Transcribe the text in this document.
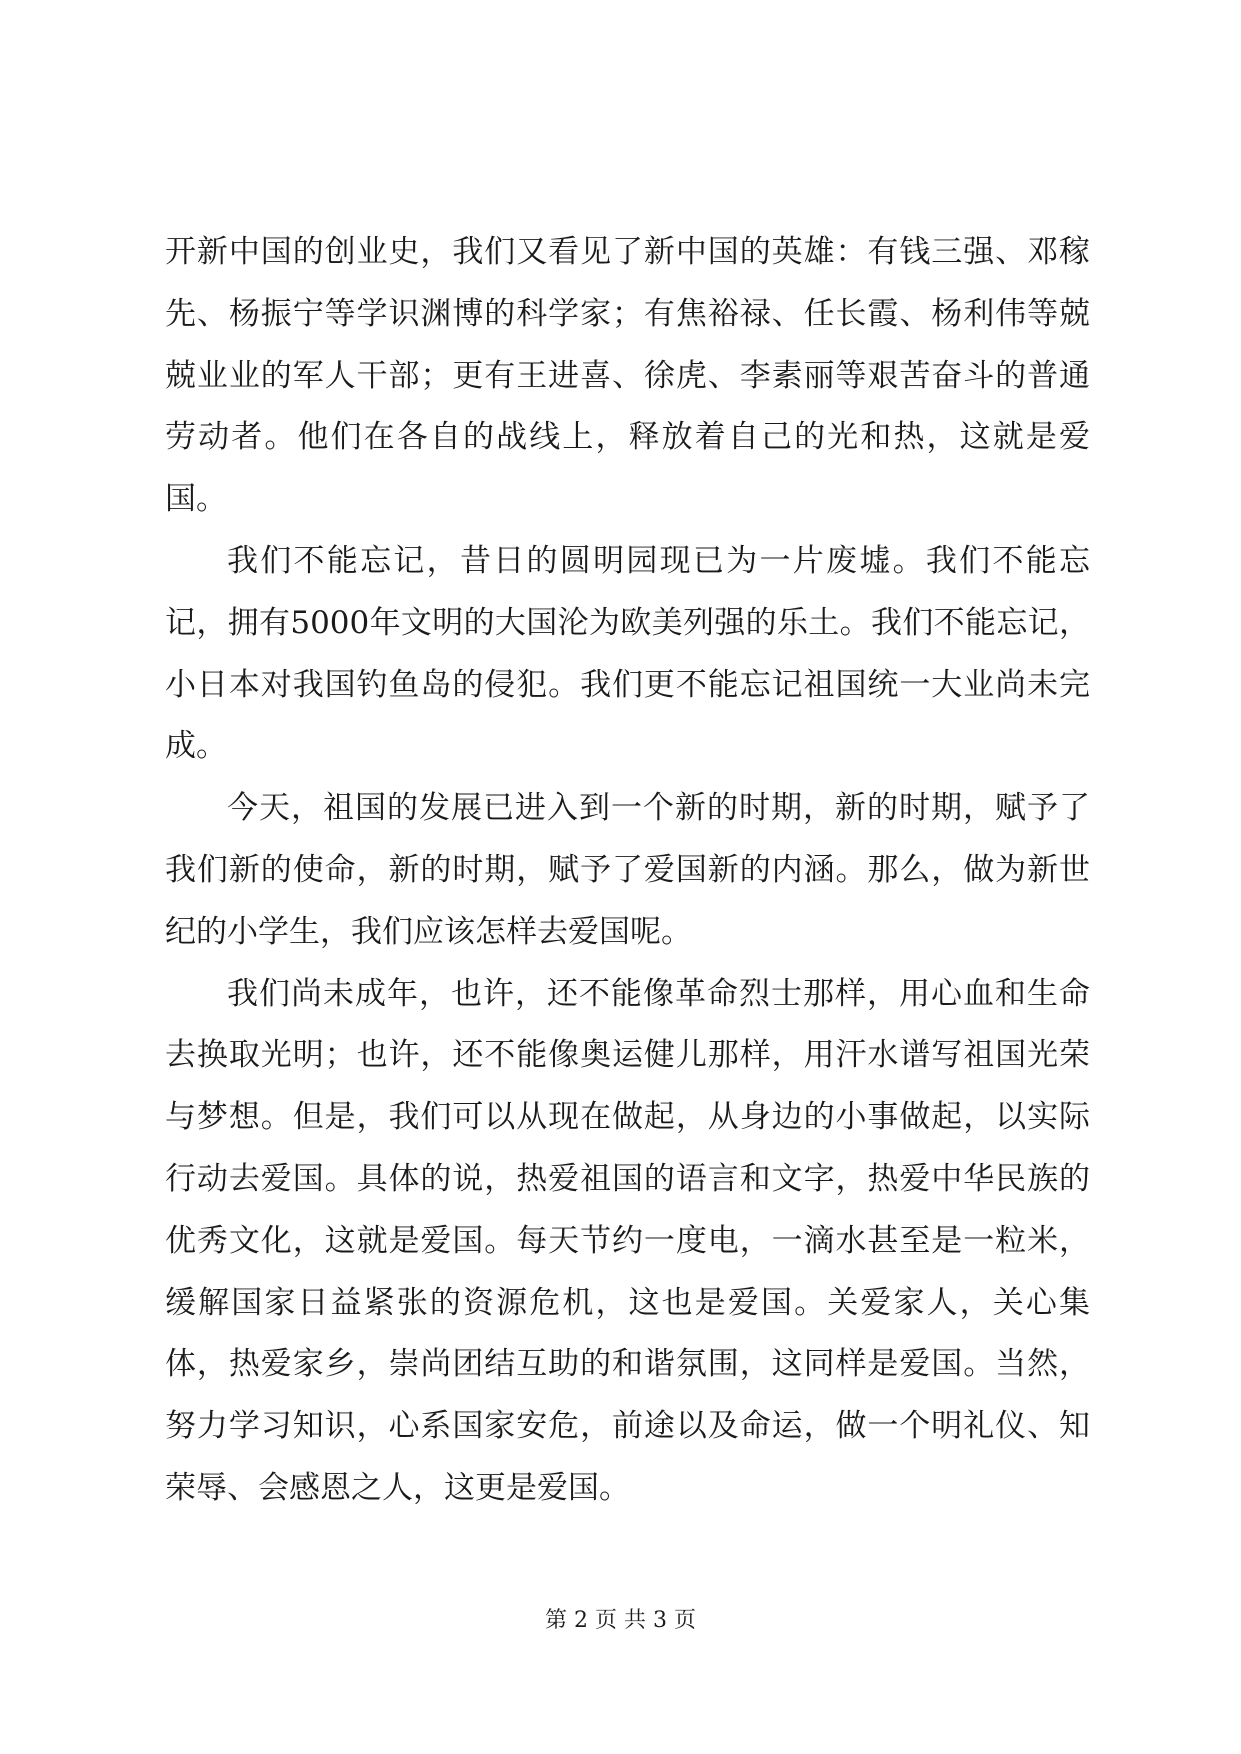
开新中国的创业史，我们又看见了新中国的英雄：有钱三强、邓稼先、杨振宁等学识渊博的科学家；有焦裕禄、任长霞、杨利伟等兢兢业业的军人干部；更有王进喜、徐虎、李素丽等艰苦奋斗的普通劳动者。他们在各自的战线上，释放着自己的光和热，这就是爱国。

我们不能忘记，昔日的圆明园现已为一片废墟。我们不能忘记，拥有5000年文明的大国沦为欧美列强的乐土。我们不能忘记，小日本对我国钓鱼岛的侵犯。我们更不能忘记祖国统一大业尚未完成。

今天，祖国的发展已进入到一个新的时期，新的时期，赋予了我们新的使命，新的时期，赋予了爱国新的内涵。那么，做为新世纪的小学生，我们应该怎样去爱国呢。

我们尚未成年，也许，还不能像革命烈士那样，用心血和生命去换取光明；也许，还不能像奥运健儿那样，用汗水谱写祖国光荣与梦想。但是，我们可以从现在做起，从身边的小事做起，以实际行动去爱国。具体的说，热爱祖国的语言和文字，热爱中华民族的优秀文化，这就是爱国。每天节约一度电，一滴水甚至是一粒米，缓解国家日益紧张的资源危机，这也是爱国。关爱家人，关心集体，热爱家乡，崇尚团结互助的和谐氛围，这同样是爱国。当然，努力学习知识，心系国家安危，前途以及命运，做一个明礼仪、知荣辱、会感恩之人，这更是爱国。

第 2 页 共 3 页
